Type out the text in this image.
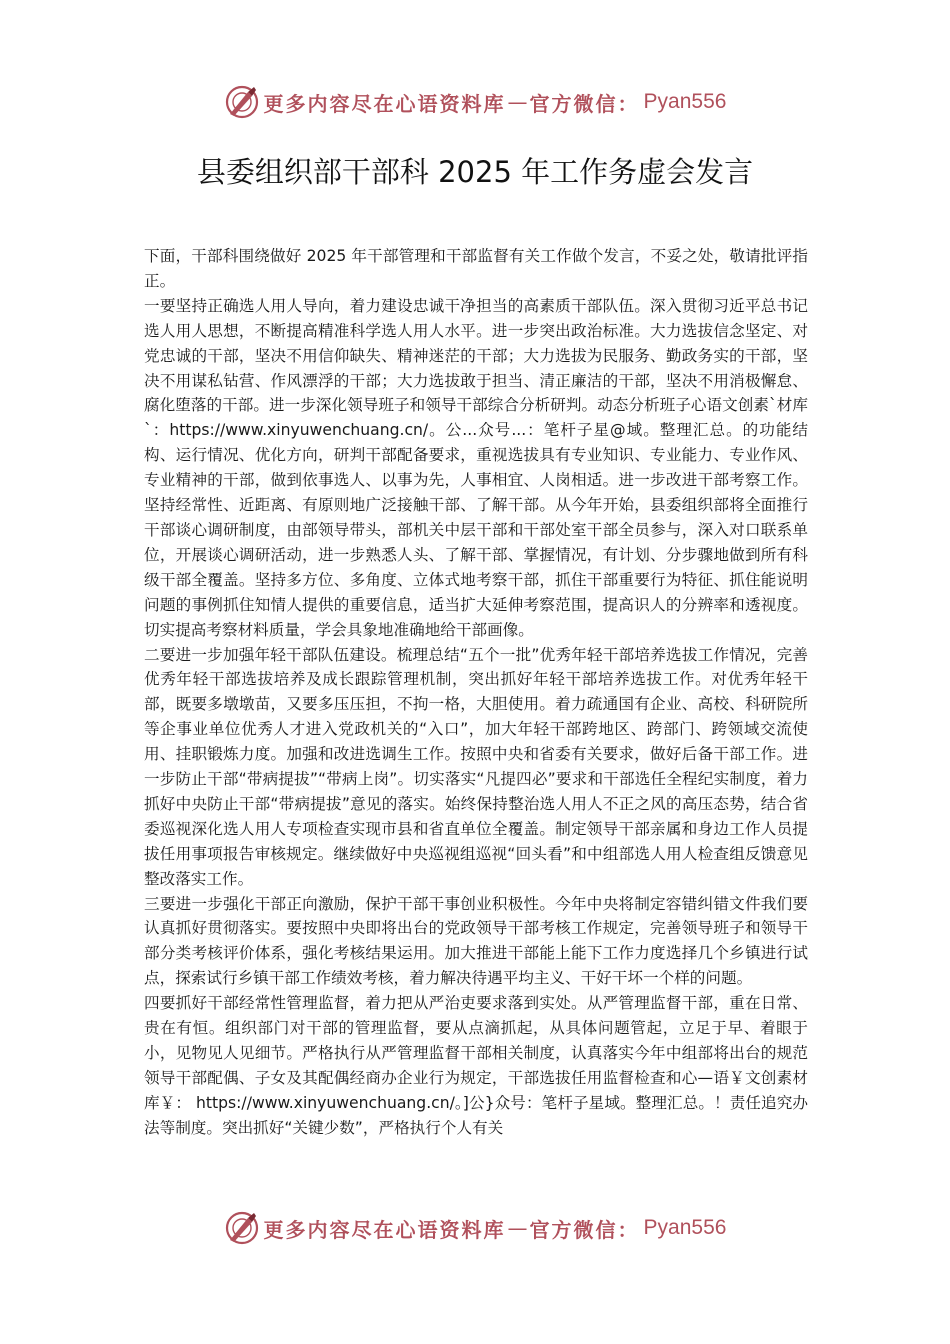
更多内容尽在心语资料库 — 官方微信： Pyan556
县委组织部干部科 2025 年工作务虚会发言

下面，干部科围绕做好 2025 年干部管理和干部监督有关工作做个发言，不妥之处，敬请批评指正。

一要坚持正确选人用人导向，着力建设忠诚干净担当的高素质干部队伍。深入贯彻习近平总书记选人用人思想，不断提高精准科学选人用人水平。进一步突出政治标准。大力选拔信念坚定、对党忠诚的干部，坚决不用信仰缺失、精神迷茫的干部；大力选拔为民服务、勤政务实的干部，坚决不用谋私钻营、作风漂浮的干部；大力选拔敢于担当、清正廉洁的干部，坚决不用消极懈怠、腐化堕落的干部。进一步深化领导班子和领导干部综合分析研判。动态分析班子心语文创素`材库`：https://www.xinyuwenchuang.cn/。公...众号...：笔杆子星@域。整理汇总。的功能结构、运行情况、优化方向，研判干部配备要求，重视选拔具有专业知识、专业能力、专业作风、专业精神的干部，做到依事选人、以事为先，人事相宜、人岗相适。进一步改进干部考察工作。坚持经常性、近距离、有原则地广泛接触干部、了解干部。从今年开始，县委组织部将全面推行干部谈心调研制度，由部领导带头，部机关中层干部和干部处室干部全员参与，深入对口联系单位，开展谈心调研活动，进一步熟悉人头、了解干部、掌握情况，有计划、分步骤地做到所有科级干部全覆盖。坚持多方位、多角度、立体式地考察干部，抓住干部重要行为特征、抓住能说明问题的事例抓住知情人提供的重要信息，适当扩大延伸考察范围，提高识人的分辨率和透视度。切实提高考察材料质量，学会具象地准确地给干部画像。

二要进一步加强年轻干部队伍建设。梳理总结“五个一批”优秀年轻干部培养选拔工作情况，完善优秀年轻干部选拔培养及成长跟踪管理机制，突出抓好年轻干部培养选拔工作。对优秀年轻干部，既要多墩墩苗，又要多压压担，不拘一格，大胆使用。着力疏通国有企业、高校、科研院所等企事业单位优秀人才进入党政机关的“入口”，加大年轻干部跨地区、跨部门、跨领域交流使用、挂职锻炼力度。加强和改进选调生工作。按照中央和省委有关要求，做好后备干部工作。进一步防止干部“带病提拔”“带病上岗”。切实落实“凡提四必”要求和干部选任全程纪实制度，着力抓好中央防止干部“带病提拔”意见的落实。始终保持整治选人用人不正之风的高压态势，结合省委巡视深化选人用人专项检查实现市县和省直单位全覆盖。制定领导干部亲属和身边工作人员提拔任用事项报告审核规定。继续做好中央巡视组巡视“回头看”和中组部选人用人检查组反馈意见整改落实工作。

三要进一步强化干部正向激励，保护干部干事创业积极性。今年中央将制定容错纠错文件我们要认真抓好贯彻落实。要按照中央即将出台的党政领导干部考核工作规定，完善领导班子和领导干部分类考核评价体系，强化考核结果运用。加大推进干部能上能下工作力度选择几个乡镇进行试点，探索试行乡镇干部工作绩效考核，着力解决待遇平均主义、干好干坏一个样的问题。

四要抓好干部经常性管理监督，着力把从严治吏要求落到实处。从严管理监督干部，重在日常、贵在有恒。组织部门对干部的管理监督，要从点滴抓起，从具体问题管起，立足于早、着眼于小，见物见人见细节。严格执行从严管理监督干部相关制度，认真落实今年中组部将出台的规范领导干部配偶、子女及其配偶经商办企业行为规定，干部选拔任用监督检查和心—语￥文创素材库￥： https://www.xinyuwenchuang.cn/。]公}众号：笔杆子星域。整理汇总。！责任追究办法等制度。突出抓好“关键少数”，严格执行个人有关

更多内容尽在心语资料库 — 官方微信： Pyan556
